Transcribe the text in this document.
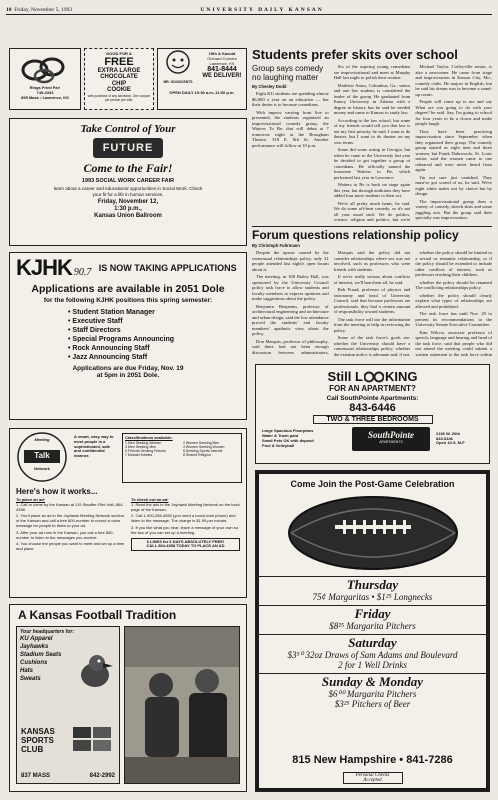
10 Friday, November 5, 1993	UNIVERSITY DAILY KANSAN
Rings Fried Far!
749-4333
855 Mass • Lawrence, KS
GOOD FOR A
FREE
EXTRA LARGE
CHOCOLATE
CHIP
COOKIE
with purchase of any sandwich. One coupon per person per visit.
MR. GOODCENTS
15th & Kasold
Orchard Corners
Lawrence, KS
841-8444
WE DELIVER!
OPEN DAILY 10:30 a.m.-11:00 p.m.
Take Control of Your
FUTURE
Come to the Fair!
1993 SOCIAL WORK CAREER FAIR
learn about a career and educational opportunities in Social Work. Check your fit for a life in human services.
Friday, November 12,
1:30 p.m.,
Kansas Union Ballroom
KJHK 90.7 IS NOW TAKING APPLICATIONS
Applications are available in 2051 Dole
for the following KJHK positions this spring semester:
• Student Station Manager
• Executive Staff
• Staff Directors
• Special Programs Announcing
• Rock Announcing Staff
• Jazz Announcing Staff
Applications are due Friday, Nov. 19
at 5pm in 2051 Dole.
Meeting
Talk
Network
A smart, easy way to meet people in a sophisticated, safe and confidential manner.
Classifications available:
1 Men Seeking Women	2 Women Seeking Men
3 Men Seeking Men	4 Women Seeking Women
5 Friends Seeking Friends	6 Seeking Sports Interest
7 Mutual Hobbies	8 Shared Religion
Here's how it works...
To place an ad:
1. Call or come by the Kansan at 119 Stauffer-Flint Hall, 864-4358
2. You'll place an ad in the Jayhawk Meeting Network section of the Kansan and call a free 800-number to record a voice message for people to listen to your ad.
3. After your ad runs in the Kansan, you call a free 800-number to listen to the messages you receive.
4. You choose the people you want to meet and set up a time and place.
To check out an ad:
1. Read the ads in the Jayhawk Meeting Network on the back page of the Kansan.
2. Call 1-900-285-4550 (you need a touch-tone phone) and listen to the message. The charge is $1.95 per minute.
3. If you like what you hear, leave a message of your own so the two of you can set up a meeting.
6 LINES for 6 DAYS ABSOLUTELY FREE!
CALL 864-4358 TODAY TO PLACE AN AD
A Kansas Football Tradition
Your headquarters for:
KU Apparel
Jayhawks
Stadium Seats
Cushions
Hats
Sweats
KANSAS SPORTS CLUB
837 MASS	842-2992
Students prefer skits over school
Group says comedy no laughing matter
By Chesley Dodd

Eight KU students are spending almost $6,000 a year on an education — but their desire is to become comedians.

With improv varying from live to presented, the students organized an improvisational comedy group, the Waiters To Be, that will debut at 7 tomorrow night at the Brougham Theatre, 318 E. 8th St. Another performance will follow at 10 p.m.

Six of the aspiring young comedians are improvisational and meet at Murphy Hall last night to polish their routine.

Matthew Amos, Columbus, Ga., senior and one law student, is considered the leader of the group. He graduated from Emory University in Atlanta with a degree in history but he said he needed money and came to Kansas to study law.

According to the law school, but some of my friends would tell you that law is not my first priority, he said. I want to do theater, but I want to do theater on my own terms.

Some did some acting in Georgia, but when he came to the University last year he decided to get together a group of comedians. He officially named the foursome Waiters to Be, which performed last year in Lawrence.

Waiters to Be is back on stage again this year, but through auditions they have added four more students to their act.

We're all pretty much hams, he said. We do some off-beat comedy, so it's not all your usual stuff. We do politics, science, religion and politics, but we're

Michael Taylor, Coffeyville senior, is also a newcomer. He came from stage and improvisation in Kansas City, Mo., comedy clubs. He majors in English, but he said his dream was to become a stand-up comic.

People will come up to me and say What are you going to do with your degree? he said. Say, I'm going to school for four years to be a clown and make people laugh.

They have been practicing improvisation since September when they organized their group. The comedy group started as eight men and three women, but Frank Dubrowolo, St. Louis senior, said the women came to one rehearsal and were never heard from again.

I'm not sure just vanished. They must've got scared of us, he said. We're eight white males not by choice but by design.

The improvisational group does a variety of comedy, sketch skits and some juggling acts. But the group said their specialty was improvisation.

Forum questions relationship policy
By Christoph Fuhrmann

Despite the uproar caused by the consensual relationships policy, only 21 people attended last night's open forum about it.

The meeting, in 100 Bailey Hall, was sponsored by the University Council policy task force to allow students and faculty members to express opinions and make suggestions about the policy.

Benjamin Benjamin, professor of architectural engineering and architecture and urban design, said the low attendance proved the students' and faculty members' apathetic view about the policy.

Don Marquis, professor of philosophy, said there had not been enough discussion between administrators,

Marquis said the policy did not consider relationships where sex was not involved, such as professors who were friends with students.

If we're really serious about conflicts of interest, we'll ban them all, he said.

Bob Fraud, professor of physics and astronomy and head of University Council, said that because professors are professionals, they had a certain amount of responsibility toward students.

The task force will use the information from the meeting to help in reviewing the policy.

Some of the task force's goals are: whether the University should have a consensual relationships policy; whether the existing policy is adequate and, if not,

whether the policy should be limited to a sexual or romantic relationship, or if the policy should be extended to include other conflicts of interest, such as professors teaching their children.

whether the policy should be renamed The conflicting relationships policy.

whether the policy should clearly explain what types of relationships are allowed and prohibited.

The task force has until Nov. 29 to present its recommendations to the University Senate Executive Committee.

Kim Wilcox, associate professor of speech, language and hearing and head of the task force, said that people who did not attend the meeting could submit a written statement to the task force within

Still L KING
FOR AN APARTMENT?
Call SouthPointe Apartments:
843-6446
TWO & THREE BEDROOMS
Large Spacious Floorplans
Water & Trash paid
Small Pets OK with deposit
Pool & Volleyball
SouthPointe
APARTMENTS
2166 W. 26th
843-6446
Open 10-5, M-F
Come Join the Post-Game Celebration
Thursday
75¢ Margaritas • $1²⁵ Longnecks
Friday
$8²⁵ Margarita Pitchers
Saturday
$3⁵⁰ 32oz Draws of Sam Adams and Boulevard
2 for 1 Well Drinks
Sunday & Monday
$6⁰⁰ Margarita Pitchers
$3²⁵ Pitchers of Beer
815 New Hampshire • 841-7286
Personal Checks Accepted
